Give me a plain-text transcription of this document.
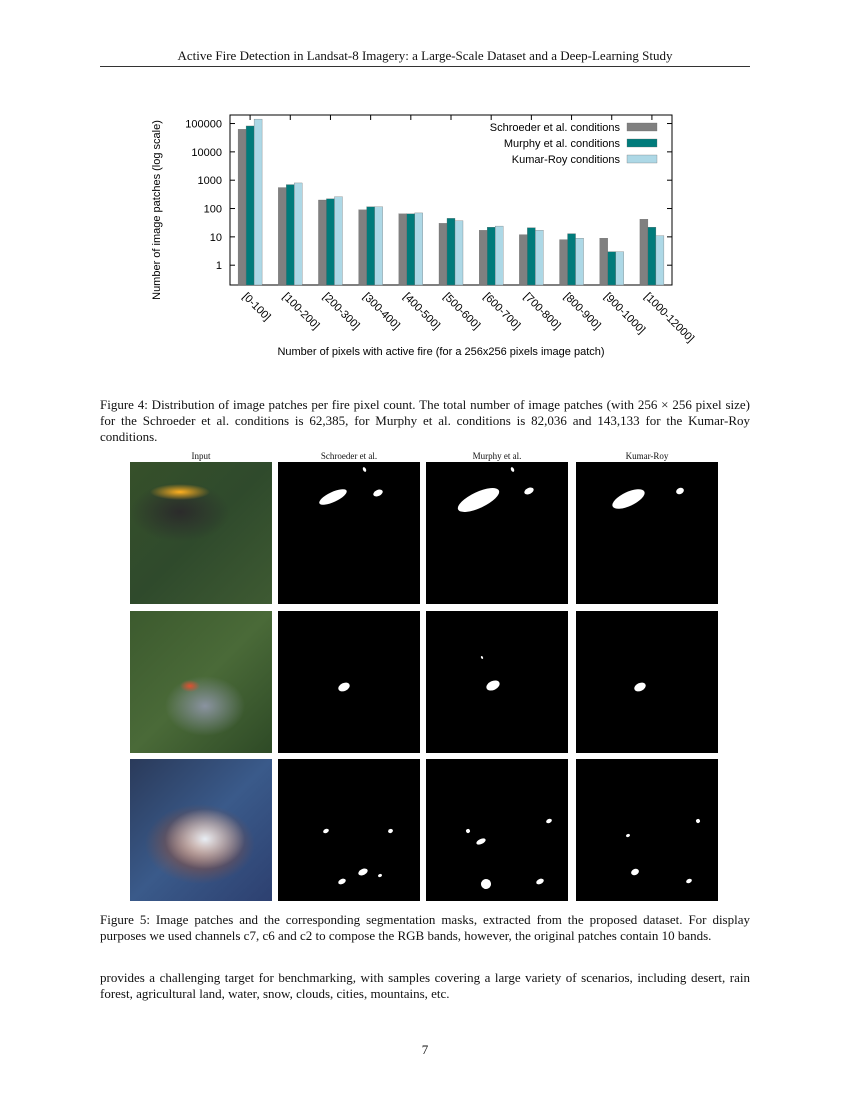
Active Fire Detection in Landsat-8 Imagery: a Large-Scale Dataset and a Deep-Learning Study
1
10
100
1000
10000
100000
[0-100] [100-200]
[200-300]
[300-400]
[400-500]
[500-600]
[600-700]
[700-800]
[800-900]
[900-1000]
[1000-12000]
Schroeder et al. conditions
Murphy et al. conditions
Kumar-Roy conditions
Number of image patches (log scale)
Number of pixels with active fire (for a 256x256 pixels image patch)
Figure 4: Distribution of image patches per fire pixel count. The total number of image patches (with 256 × 256 pixel size) for the Schroeder et al. conditions is 62,385, for Murphy et al. conditions is 82,036 and 143,133 for the Kumar-Roy conditions.
Input	Schroeder et al.	Murphy et al.	Kumar-Roy
Figure 5: Image patches and the corresponding segmentation masks, extracted from the proposed dataset. For display purposes we used channels c7, c6 and c2 to compose the RGB bands, however, the original patches contain 10 bands.
provides a challenging target for benchmarking, with samples covering a large variety of scenarios, including desert, rain forest, agricultural land, water, snow, clouds, cities, mountains, etc.
7
